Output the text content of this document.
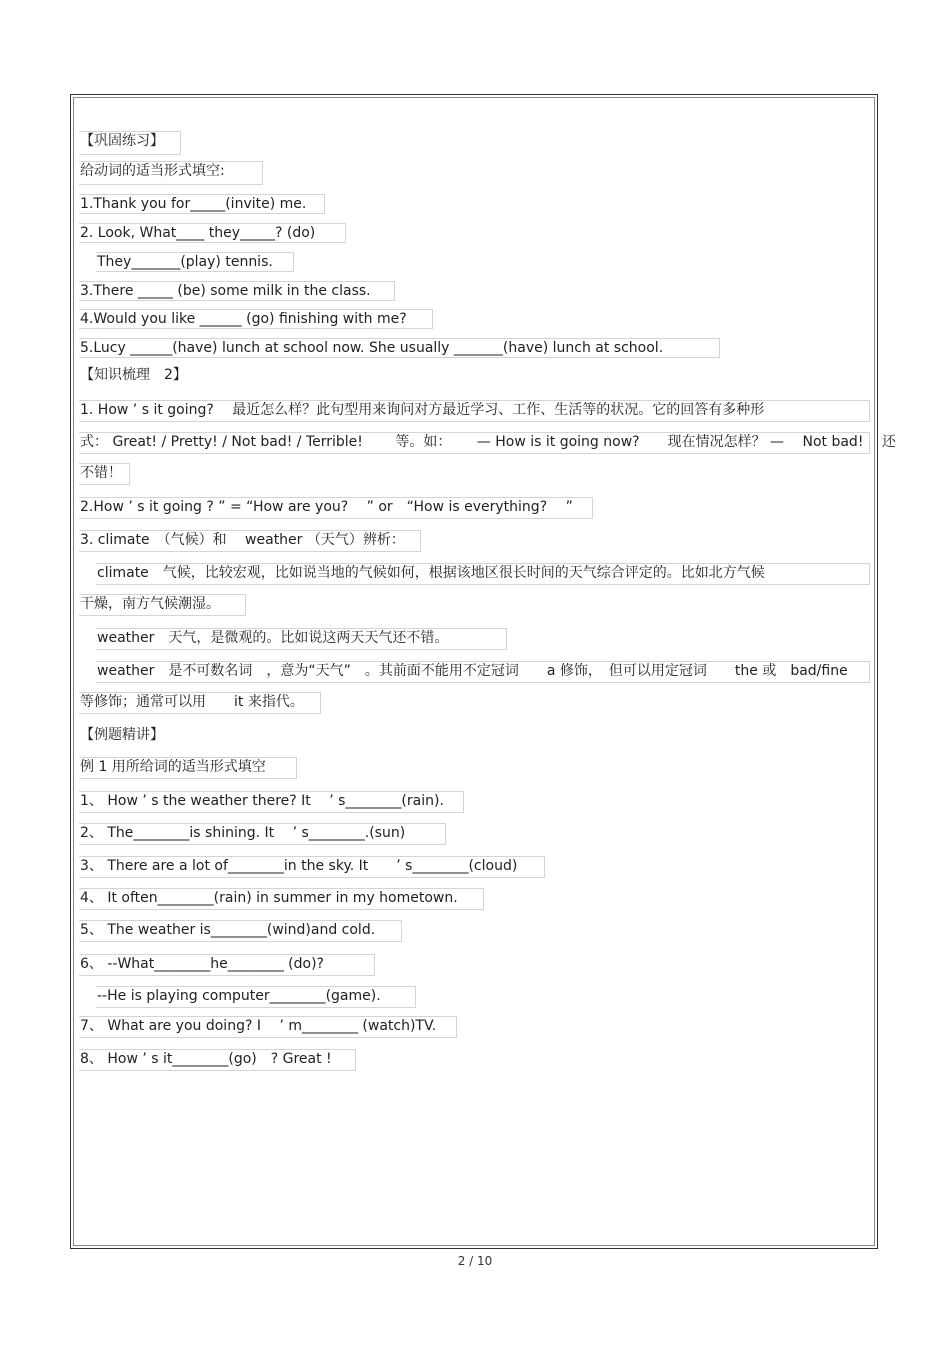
【巩固练习】
给动词的适当形式填空:
1.Thank you for_____(invite) me.
2. Look, What____ they_____? (do)
They_______(play) tennis.
3.There _____ (be) some milk in the class.
4.Would you like ______ (go) finishing with me?
5.Lucy ______(have) lunch at school now. She usually _______(have) lunch at school.
【知识梳理　2】
1. How ’ s it going?　 最近怎么样？此句型用来询问对方最近学习、工作、生活等的状况。它的回答有多种形
式： Great! / Pretty! / Not bad! / Terrible!　　 等。如：　　 — How is it going now?　　现在情况怎样？ —　 Not bad!　 还
不错！
2.How ’ s it going ? ” = “How are you?　 ” or　“How is everything?　 ”
3. climate　（气候）和　 weather （天气）辨析：
climate　气候，比较宏观，比如说当地的气候如何，根据该地区很长时间的天气综合评定的。比如北方气候
干燥，南方气候潮湿。
weather　天气，是微观的。比如说这两天天气还不错。
weather　是不可数名词　，意为“天气”　。其前面不能用不定冠词　　a 修饰，　但可以用定冠词　　the 或　bad/fine
等修饰；通常可以用　　it 来指代。
【例题精讲】
例 1 用所给词的适当形式填空
1、 How ’ s the weather there? It　 ’ s________(rain).
2、 The________is shining. It　 ’ s________.(sun)
3、 There are a lot of________in the sky. It　　’ s________(cloud)
4、 It often________(rain) in summer in my hometown.
5、 The weather is________(wind)and cold.
6、 --What________he________ (do)?
--He is playing computer________(game).
7、 What are you doing? I　 ’ m________ (watch)TV.
8、 How ’ s it________(go)　? Great !
2 / 10
